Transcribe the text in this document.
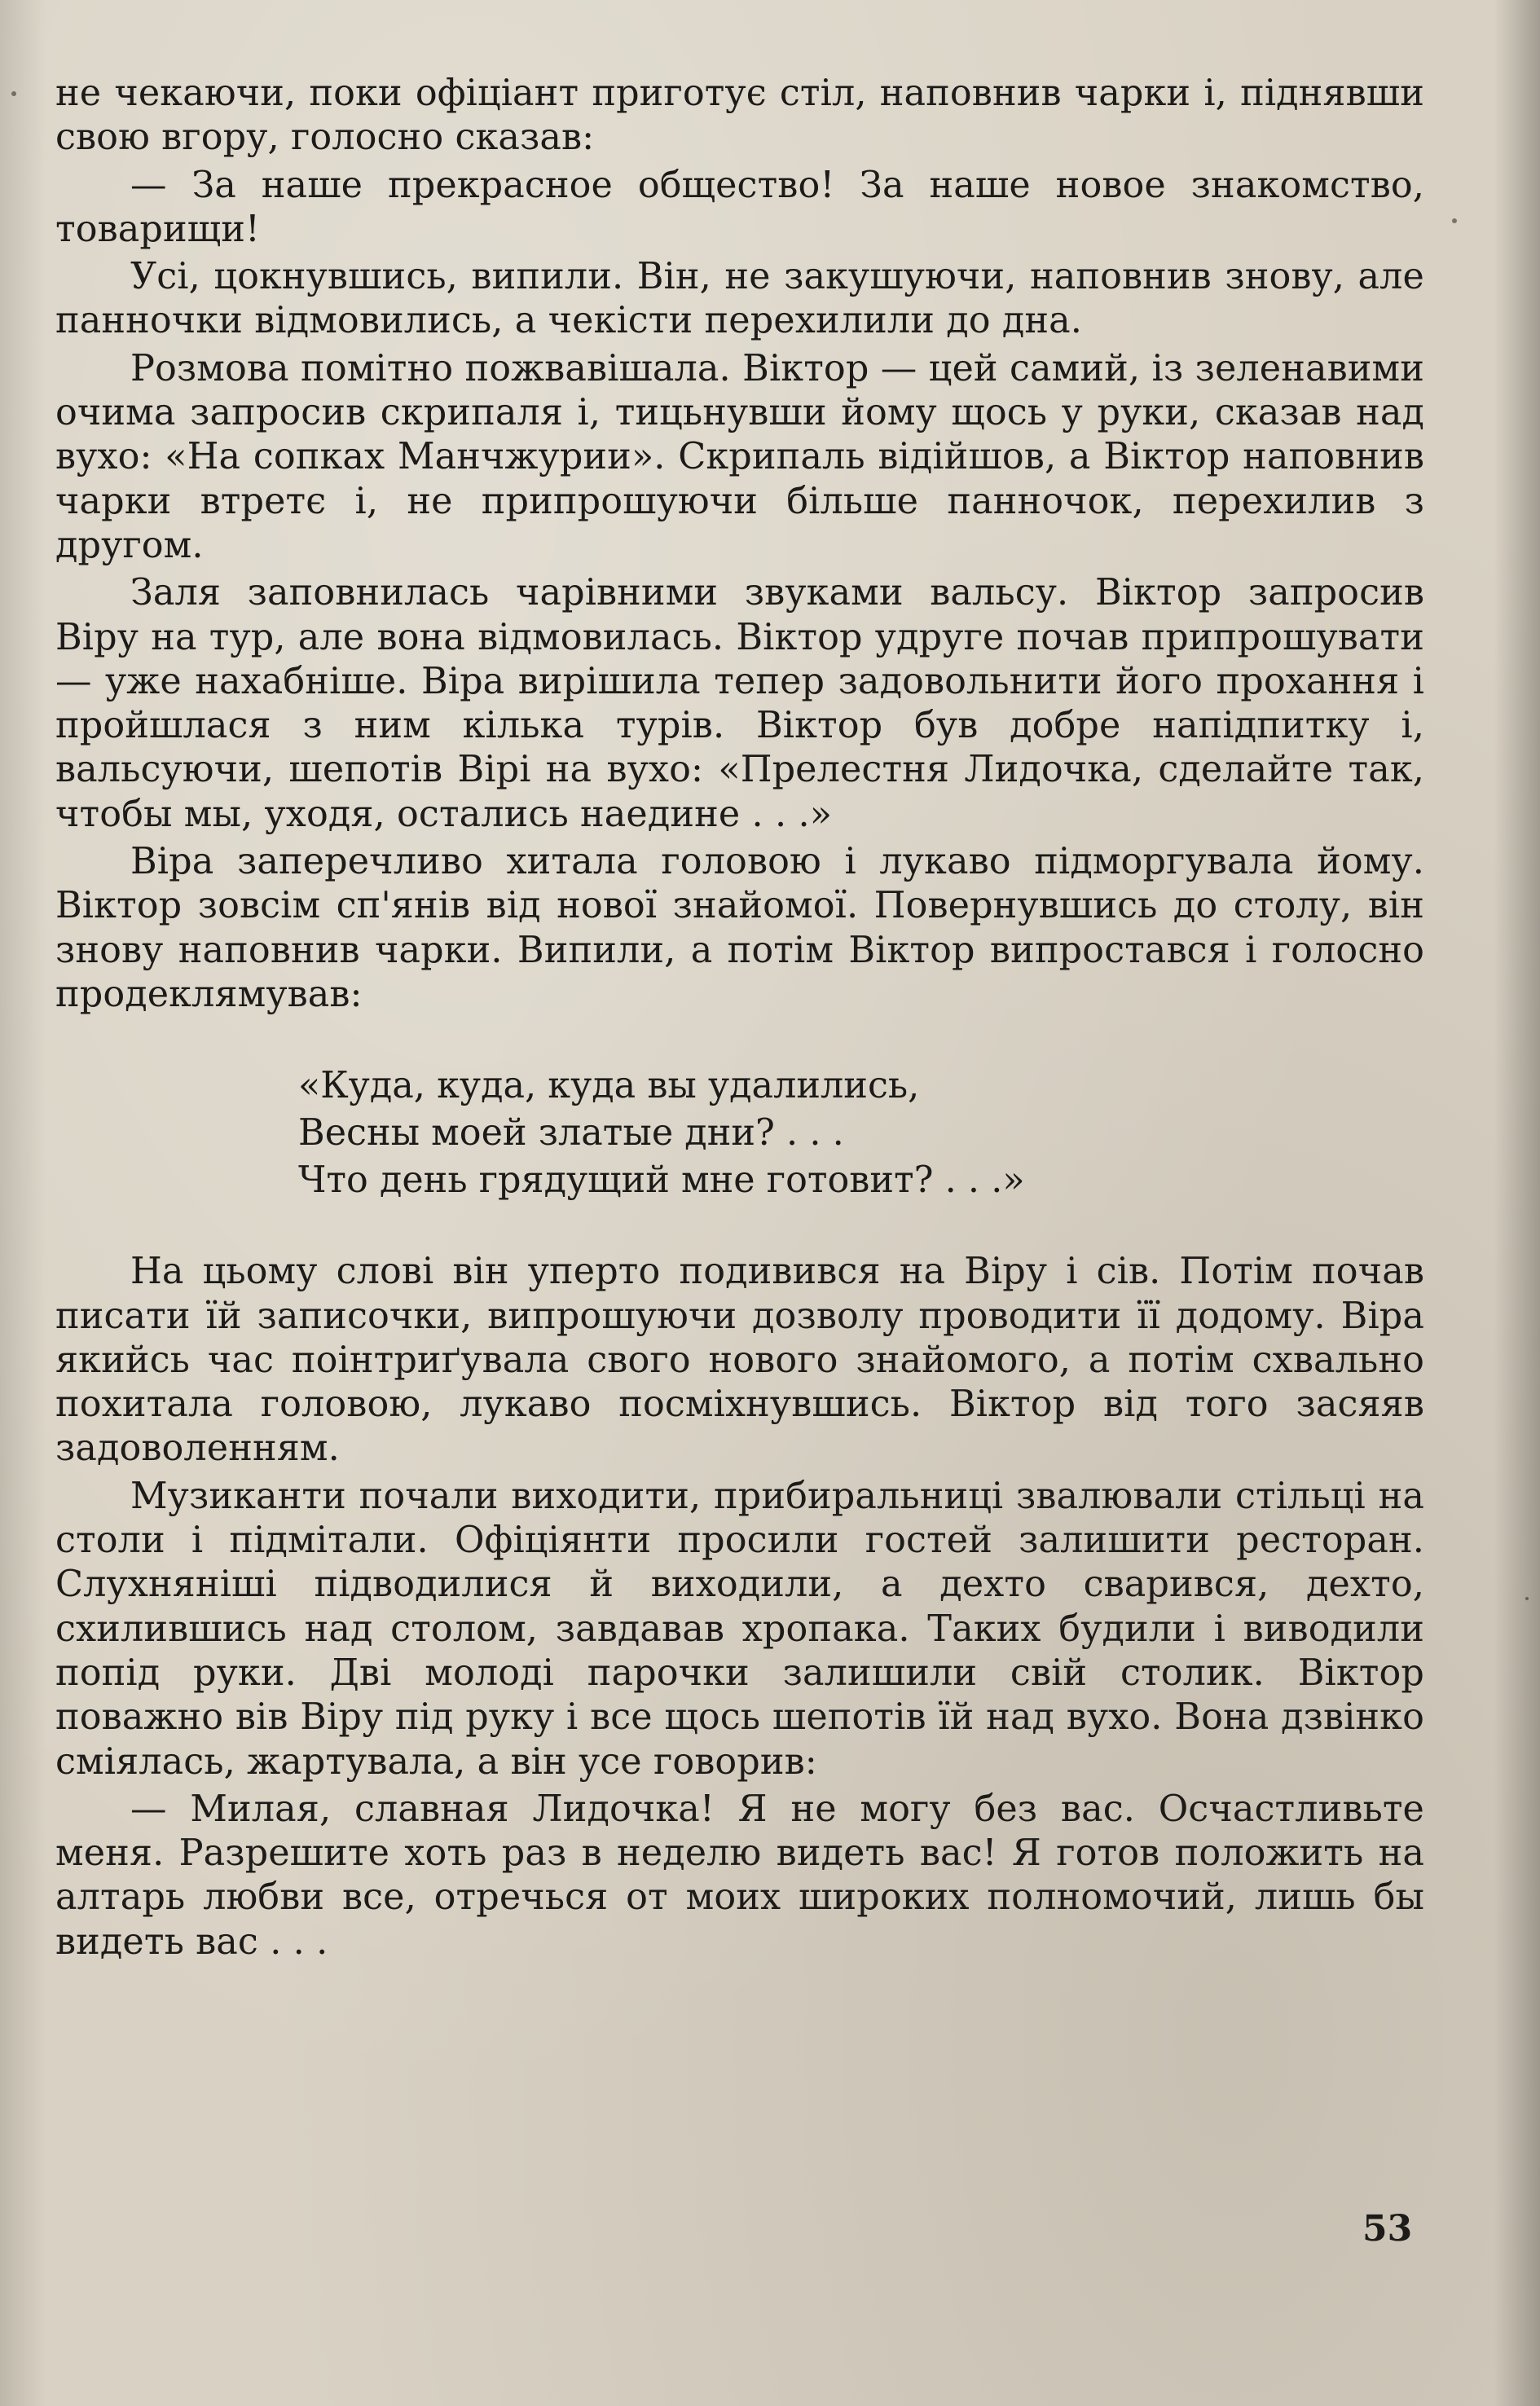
не чекаючи, поки офіціант приготує стіл, наповнив чарки і, піднявши свою вгору, голосно сказав:

— За наше прекрасное общество! За наше новое знакомство, товарищи!

Усі, цокнувшись, випили. Він, не закушуючи, наповнив знову, але панночки відмовились, а чекісти перехилили до дна.

Розмова помітно пожвавішала. Віктор — цей самий, із зеленавими очима запросив скрипаля і, тицьнувши йому щось у руки, сказав над вухо: «На сопках Манчжурии». Скрипаль відійшов, а Віктор наповнив чарки втретє і, не припрошуючи більше панночок, перехилив з другом.

Заля заповнилась чарівними звуками вальсу. Віктор запросив Віру на тур, але вона відмовилась. Віктор удруге почав припрошувати — уже нахабніше. Віра вирішила тепер задовольнити його прохання і пройшлася з ним кілька турів. Віктор був добре напідпитку і, вальсуючи, шепотів Вірі на вухо: «Прелестня Лидочка, сделайте так, чтобы мы, уходя, остались наедине . . .»

Віра заперечливо хитала головою і лукаво підморгувала йому. Віктор зовсім сп'янів від нової знайомої. Повернувшись до столу, він знову наповнив чарки. Випили, а потім Віктор випростався і голосно продеклямував:

«Куда, куда, куда вы удалились,
Весны моей златые дни? . . .
Что день грядущий мне готовит? . . .»

На цьому слові він уперто подивився на Віру і сів. Потім почав писати їй записочки, випрошуючи дозволу проводити її додому. Віра якийсь час поінтриґувала свого нового знайомого, а потім схвально похитала головою, лукаво посміхнувшись. Віктор від того засяяв задоволенням.

Музиканти почали виходити, прибиральниці звалювали стільці на столи і підмітали. Офіціянти просили гостей залишити ресторан. Слухняніші підводилися й виходили, а дехто сварився, дехто, схилившись над столом, завдавав хропака. Таких будили і виводили попід руки. Дві молоді парочки залишили свій столик. Віктор поважно вів Віру під руку і все щось шепотів їй над вухо. Вона дзвінко сміялась, жартувала, а він усе говорив:

— Милая, славная Лидочка! Я не могу без вас. Осчастливьте меня. Разрешите хоть раз в неделю видеть вас! Я готов положить на алтарь любви все, отречься от моих широких полномочий, лишь бы видеть вас . . .

53
